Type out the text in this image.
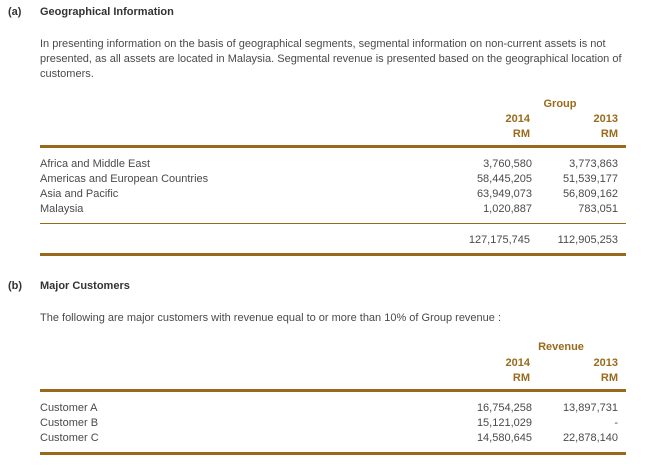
(a) Geographical Information
In presenting information on the basis of geographical segments, segmental information on non-current assets is not presented, as all assets are located in Malaysia. Segmental revenue is presented based on the geographical location of customers.
Group
2014
RM
2013
RM
Africa and Middle East	3,760,580	3,773,863
Americas and European Countries	58,445,205	51,539,177
Asia and Pacific	63,949,073	56,809,162
Malaysia	1,020,887	783,051
127,175,745	112,905,253
(b) Major Customers
The following are major customers with revenue equal to or more than 10% of Group revenue :
Revenue
2014
RM
2013
RM
Customer A	16,754,258	13,897,731
Customer B	15,121,029	-
Customer C	14,580,645	22,878,140
